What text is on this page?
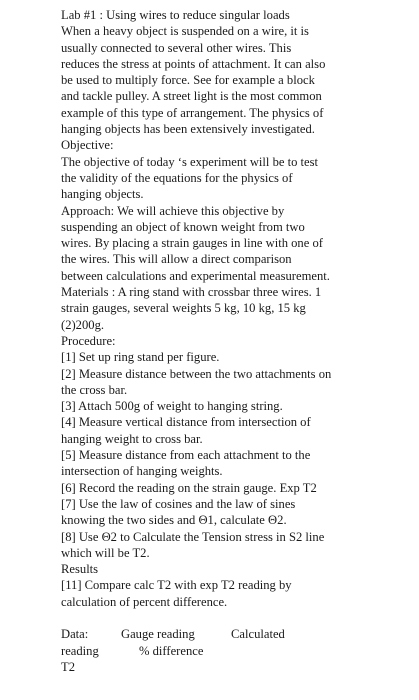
Lab #1 : Using wires to reduce singular loads

When a heavy object is suspended on a wire, it is

usually connected to several other wires. This

reduces the stress at points of attachment. It can also

be used to multiply force. See for example a block

and tackle pulley. A street light is the most common

example of this type of arrangement. The physics of

hanging objects has been extensively investigated.

Objective:

The objective of today ‘s experiment will be to test

the validity of the equations for the physics of

hanging objects.

Approach: We will achieve this objective by

suspending an object of known weight from two

wires. By placing a strain gauges in line with one of

the wires. This will allow a direct comparison

between calculations and experimental measurement.

Materials : A ring stand with crossbar three wires. 1

strain gauges, several weights 5 kg, 10 kg, 15 kg

(2)200g.

Procedure:

[1] Set up ring stand per figure.

[2] Measure distance between the two attachments on

the cross bar.

[3] Attach 500g of weight to hanging string.

[4] Measure vertical distance from intersection of

hanging weight to cross bar.

[5] Measure distance from each attachment to the

intersection of hanging weights.

[6] Record the reading on the strain gauge. Exp T2

[7] Use the law of cosines and the law of sines

knowing the two sides and Θ1, calculate Θ2.

[8] Use Θ2 to Calculate the Tension stress in S2 line

which will be T2.

Results

[11] Compare calc T2 with exp T2 reading by

calculation of percent difference.

Data:	Gauge reading	Calculated
reading	% difference

T2
